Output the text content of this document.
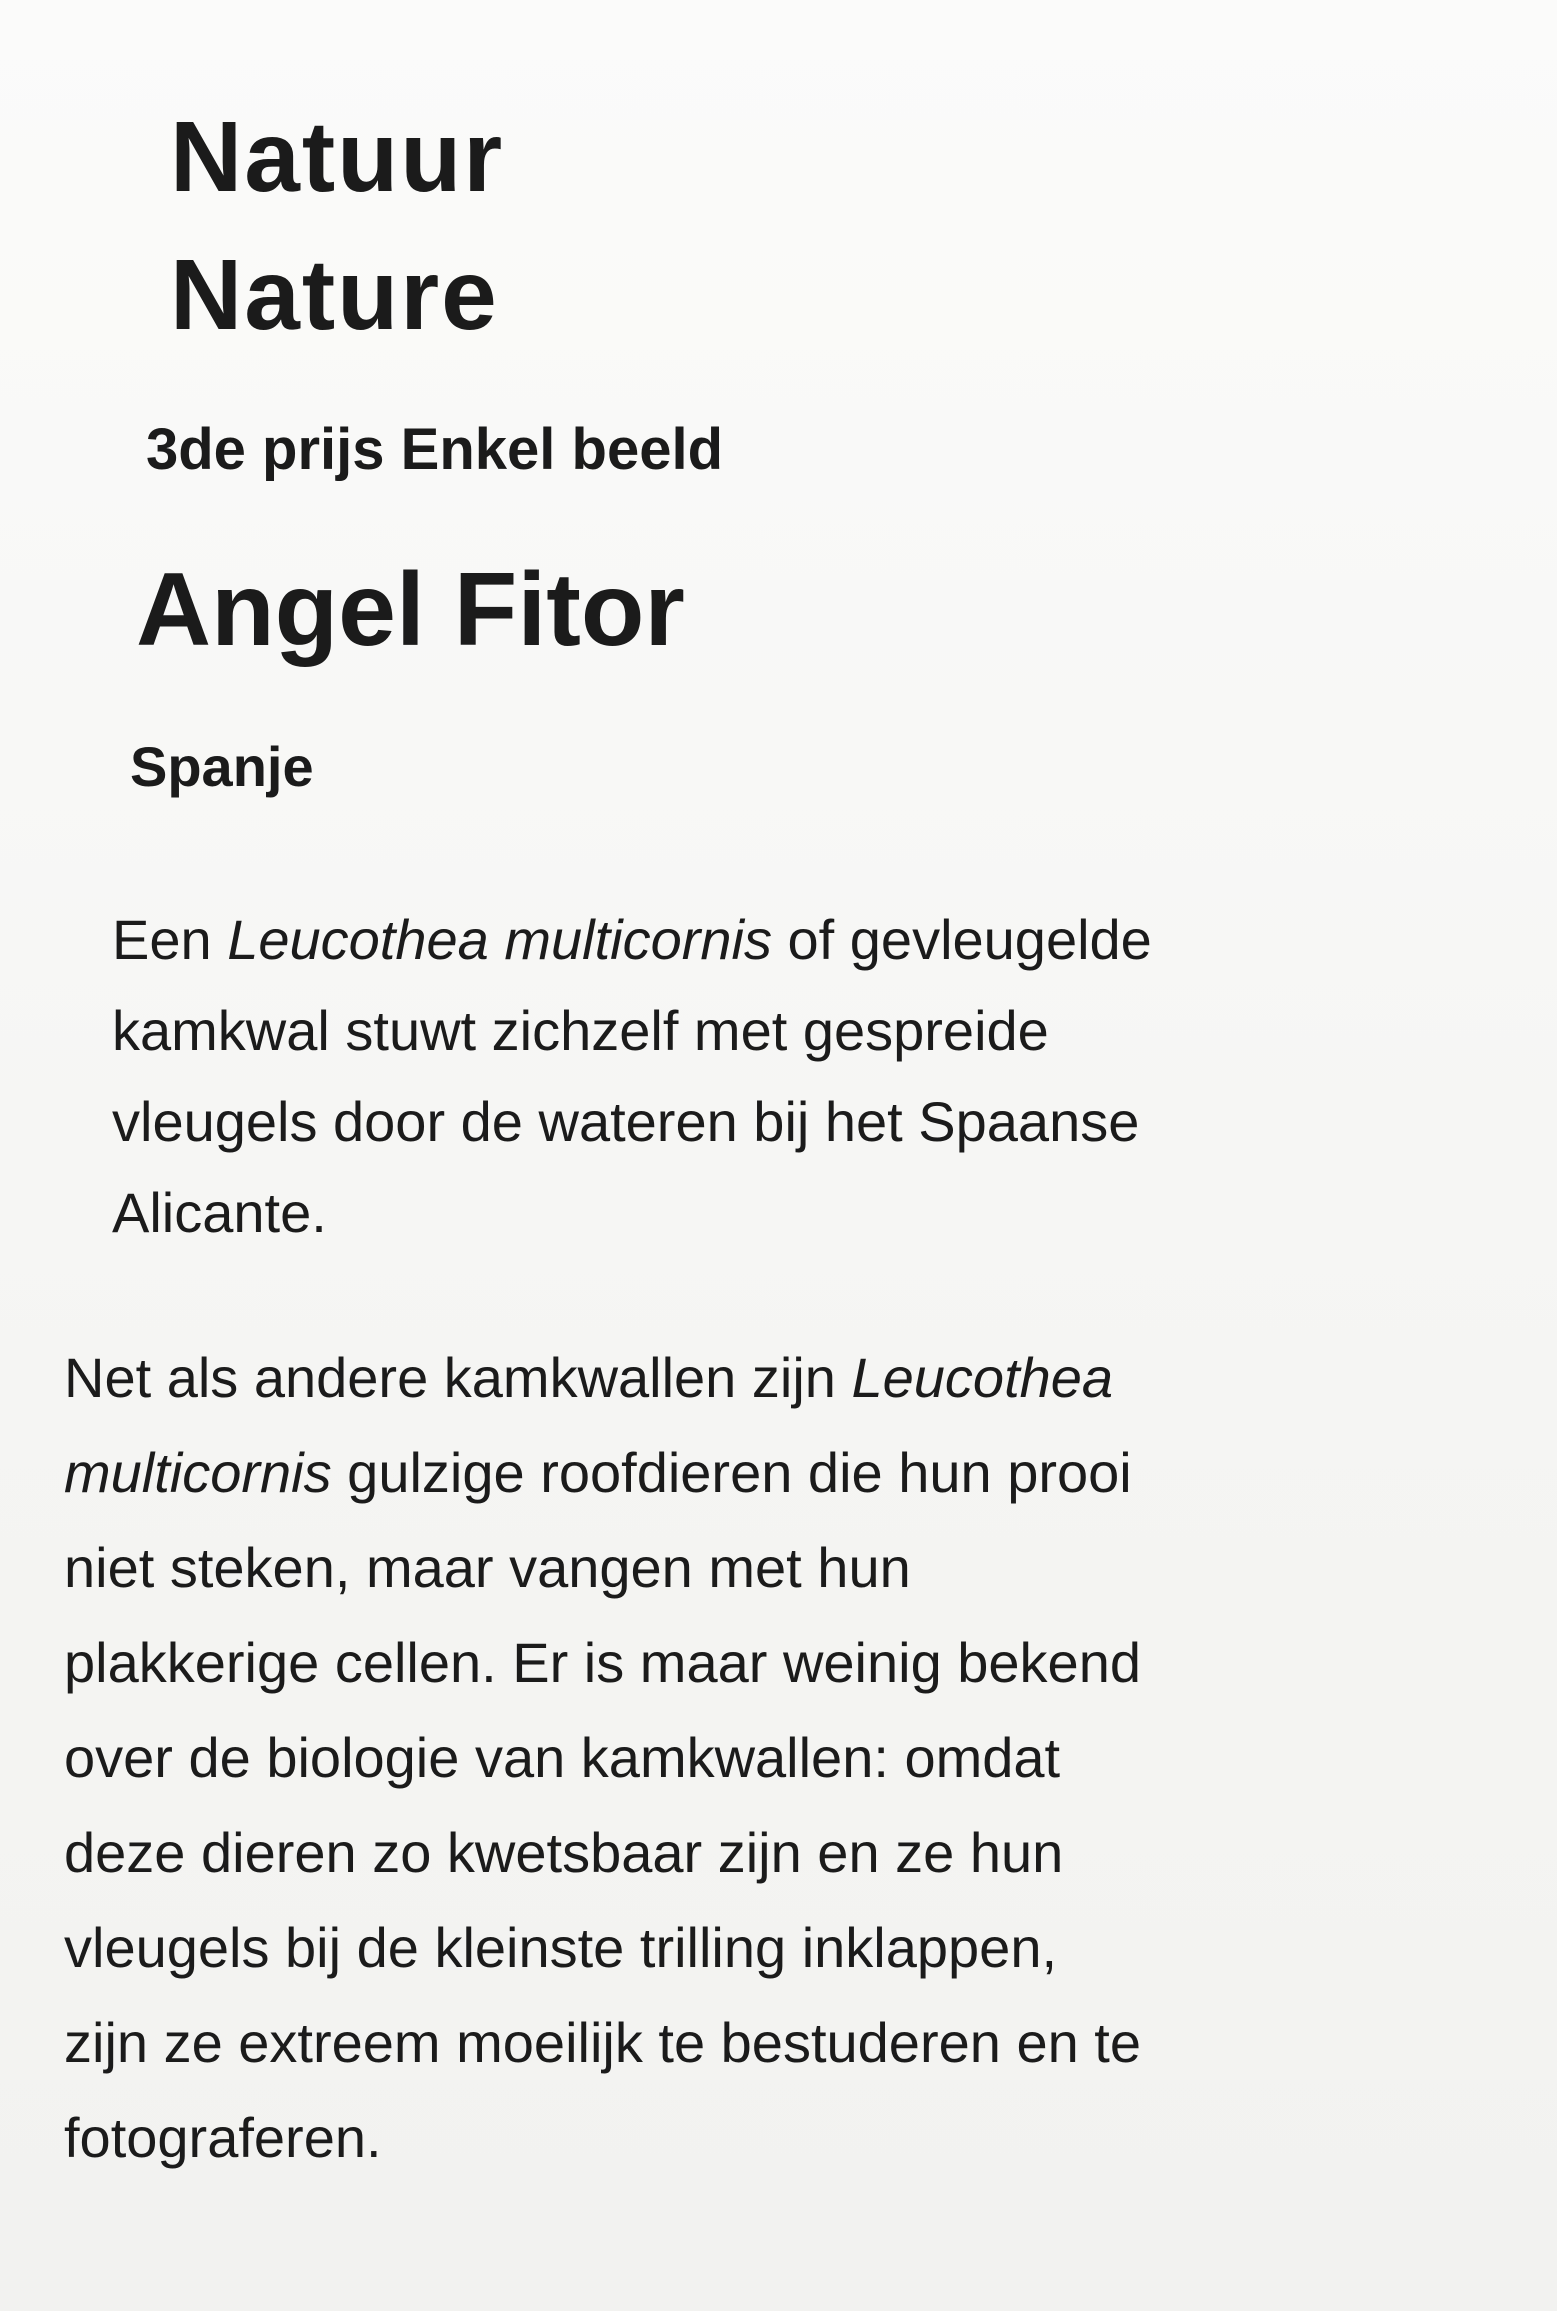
Natuur
Nature
3de prijs Enkel beeld
Angel Fitor
Spanje

Een Leucothea multicornis of gevleugelde
kamkwal stuwt zichzelf met gespreide
vleugels door de wateren bij het Spaanse
Alicante.

Net als andere kamkwallen zijn Leucothea
multicornis gulzige roofdieren die hun prooi
niet steken, maar vangen met hun
plakkerige cellen. Er is maar weinig bekend
over de biologie van kamkwallen: omdat
deze dieren zo kwetsbaar zijn en ze hun
vleugels bij de kleinste trilling inklappen,
zijn ze extreem moeilijk te bestuderen en te
fotograferen.
